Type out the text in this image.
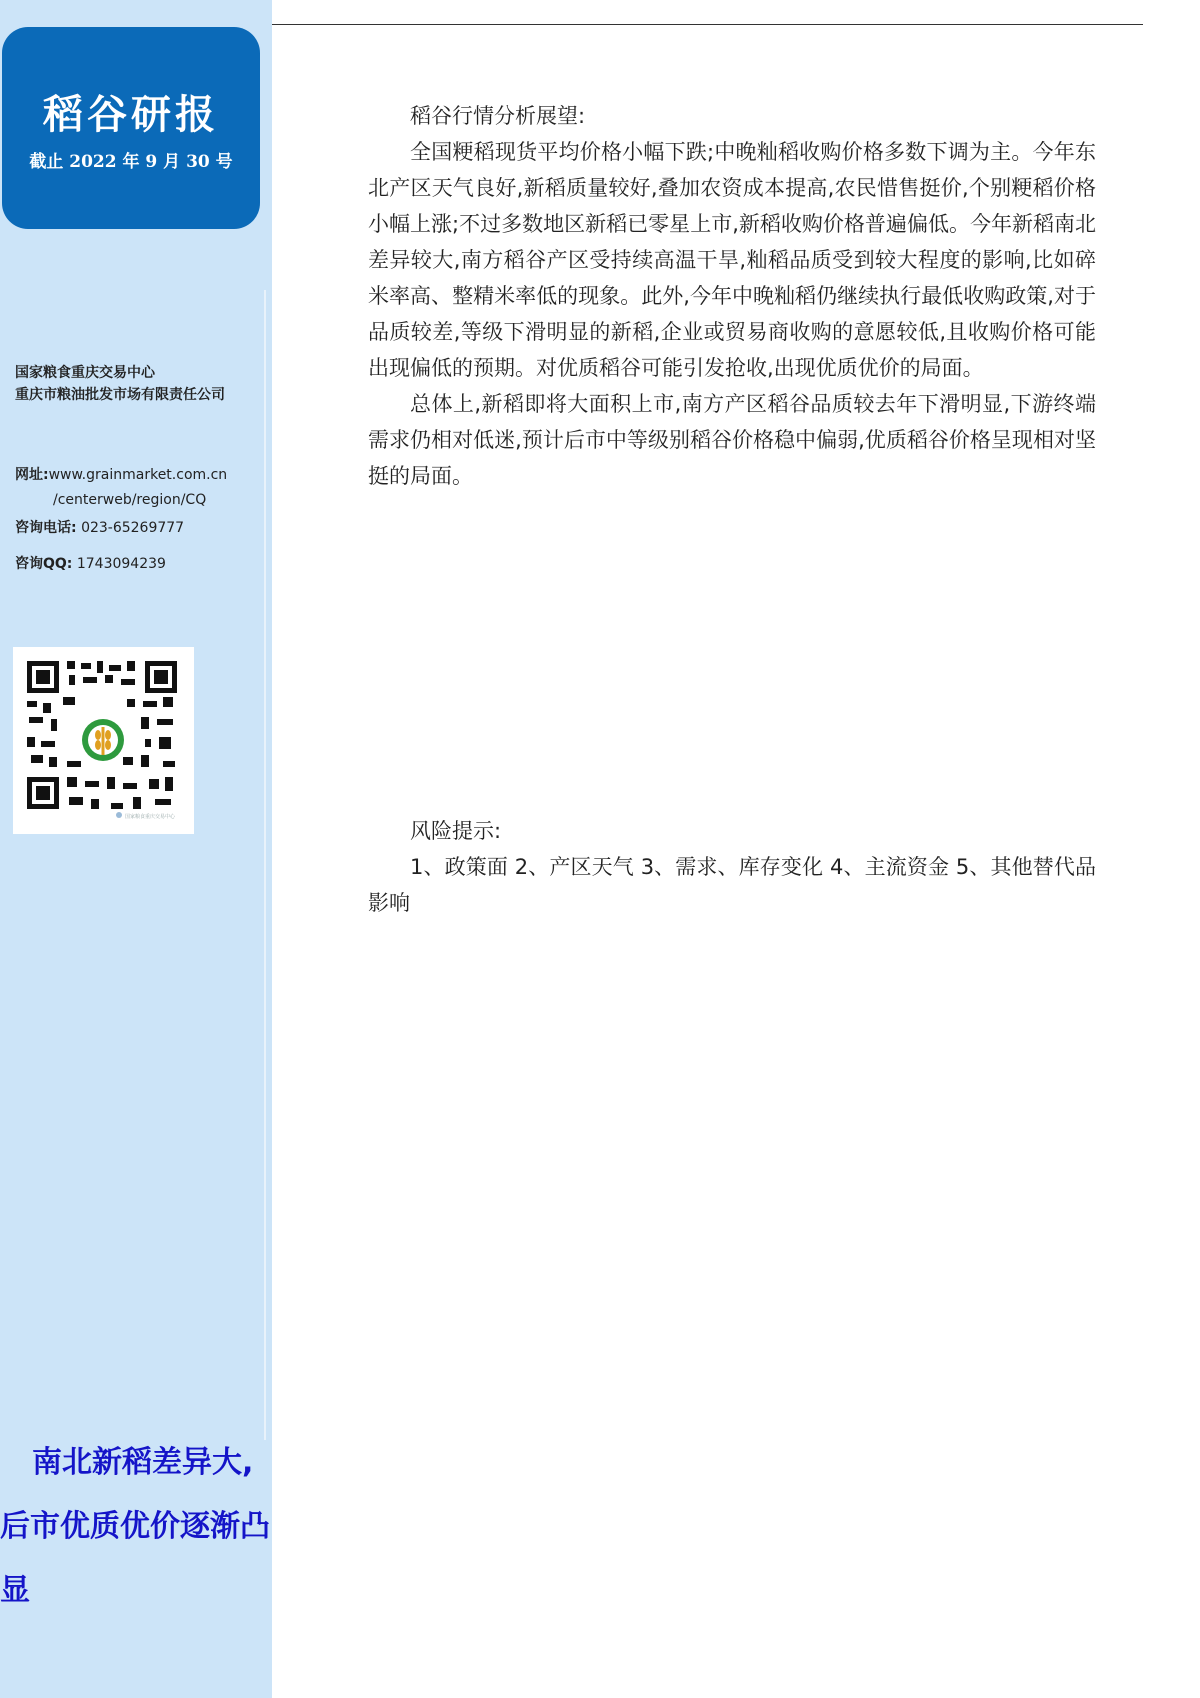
稻谷研报
截止 2022 年 9 月 30 号
国家粮食重庆交易中心
重庆市粮油批发市场有限责任公司
网址:www.grainmarket.com.cn
/centerweb/region/CQ
咨询电话: 023-65269777
咨询QQ: 1743094239
国家粮食重庆交易中心
南北新稻差异大,
后市优质优价逐渐凸
显
稻谷行情分析展望:

全国粳稻现货平均价格小幅下跌;中晚籼稻收购价格多数下调为主。今年东北产区天气良好,新稻质量较好,叠加农资成本提高,农民惜售挺价,个别粳稻价格小幅上涨;不过多数地区新稻已零星上市,新稻收购价格普遍偏低。今年新稻南北差异较大,南方稻谷产区受持续高温干旱,籼稻品质受到较大程度的影响,比如碎米率高、整精米率低的现象。此外,今年中晚籼稻仍继续执行最低收购政策,对于品质较差,等级下滑明显的新稻,企业或贸易商收购的意愿较低,且收购价格可能出现偏低的预期。对优质稻谷可能引发抢收,出现优质优价的局面。

总体上,新稻即将大面积上市,南方产区稻谷品质较去年下滑明显,下游终端需求仍相对低迷,预计后市中等级别稻谷价格稳中偏弱,优质稻谷价格呈现相对坚挺的局面。

风险提示:

1、政策面 2、产区天气 3、需求、库存变化 4、主流资金 5、其他替代品影响
